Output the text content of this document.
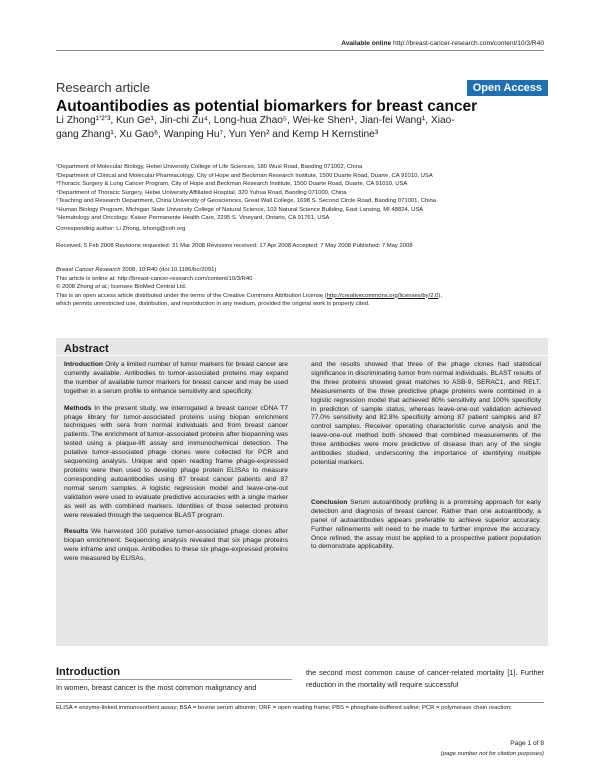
Available online http://breast-cancer-research.com/content/10/3/R40
Research article	Open Access
Autoantibodies as potential biomarkers for breast cancer
Li Zhong¹ʼ²ʼ³, Kun Ge¹, Jin-chi Zu⁴, Long-hua Zhao⁵, Wei-ke Shen¹, Jian-fei Wang¹, Xiao-
gang Zhang¹, Xu Gao⁶, Wanping Hu⁷, Yun Yen² and Kemp H Kernstine³
¹Department of Molecular Biology, Hebei University College of Life Sciences, 180 Wusi Road, Baoding 071002, China
²Department of Clinical and Molecular Pharmacology, City of Hope and Beckman Research Institute, 1500 Duarte Road, Duarte, CA 91010, USA
³Thoracic Surgery & Lung Cancer Program, City of Hope and Beckman Research Institute, 1500 Duarte Road, Duarte, CA 91010, USA
⁴Department of Thoracic Surgery, Hebei University Affiliated Hospital, 320 Yuhua Road, Baoding 071000, China
⁵Teaching and Research Department, China University of Geosciences, Great Wall College, 1698 S. Second Circle Road, Baoding 071001, China
⁶Human Biology Program, Michigan State University College of Natural Science, 103 Natural Science Building, East Lansing, MI 48824, USA
⁷Hematology and Oncology, Kaiser Permanente Health Care, 2295 S. Vineyard, Ontario, CA 91761, USA
Corresponding author: Li Zhong, lzhong@coh.org
Received: 5 Feb 2008 Revisions requested: 31 Mar 2008 Revisions received: 17 Apr 2008 Accepted: 7 May 2008 Published: 7 May 2008
Breast Cancer Research 2008, 10:R40 (doi:10.1186/bcr2091)
This article is online at: http://breast-cancer-research.com/content/10/3/R40
© 2008 Zhong et al.; licensee BioMed Central Ltd.
This is an open access article distributed under the terms of the Creative Commons Attribution License (http://creativecommons.org/licenses/by/2.0),
which permits unrestricted use, distribution, and reproduction in any medium, provided the original work is properly cited.
Abstract

Introduction Only a limited number of tumor markers for breast cancer are currently available. Antibodies to tumor-associated proteins may expand the number of available tumor markers for breast cancer and may be used together in a serum profile to enhance sensitivity and specificity.

Methods In the present study, we interrogated a breast cancer cDNA T7 phage library for tumor-associated proteins using biopan enrichment techniques with sera from normal individuals and from breast cancer patients. The enrichment of tumor-associated proteins after biopanning was tested using a plaque-lift assay and immunochemical detection. The putative tumor-associated phage clones were collected for PCR and sequencing analysis. Unique and open reading frame phage-expressed proteins were then used to develop phage protein ELISAs to measure corresponding autoantibodies using 87 breast cancer patients and 87 normal serum samples. A logistic regression model and leave-one-out validation were used to evaluate predictive accuracies with a single marker as well as with combined markers. Identities of those selected proteins were revealed through the sequence BLAST program.

Results We harvested 100 putative tumor-associated phage clones after biopan enrichment. Sequencing analysis revealed that six phage proteins were inframe and unique. Antibodies to these six phage-expressed proteins were measured by ELISAs,

and the results showed that three of the phage clones had statistical significance in discriminating tumor from normal individuals. BLAST results of the three proteins showed great matches to ASB-9, SERAC1, and RELT. Measurements of the three predictive phage proteins were combined in a logistic regression model that achieved 80% sensitivity and 100% specificity in prediction of sample status, whereas leave-one-out validation achieved 77.0% sensitivity and 82.8% specificity among 87 patient samples and 87 control samples. Receiver operating characteristic curve analysis and the leave-one-out method both showed that combined measurements of the three antibodies were more predictive of disease than any of the single antibodies studied, underscoring the importance of identifying multiple potential markers.

Conclusion Serum autoantibody profiling is a promising approach for early detection and diagnosis of breast cancer. Rather than one autoantibody, a panel of autoantibodies appears preferable to achieve superior accuracy. Further refinements will need to be made to further improve the accuracy. Once refined, the assay must be applied to a prospective patient population to demonstrate applicability.

Introduction
In women, breast cancer is the most common malignancy and
the second most common cause of cancer-related mortality [1]. Further reduction in the mortality will require successful
ELISA = enzyme-linked immunosorbent assay; BSA = bovine serum albumin; ORF = open reading frame; PBS = phosphate-buffered saline; PCR = polymerase chain reaction;
Page 1 of 8
(page number not for citation purposes)
